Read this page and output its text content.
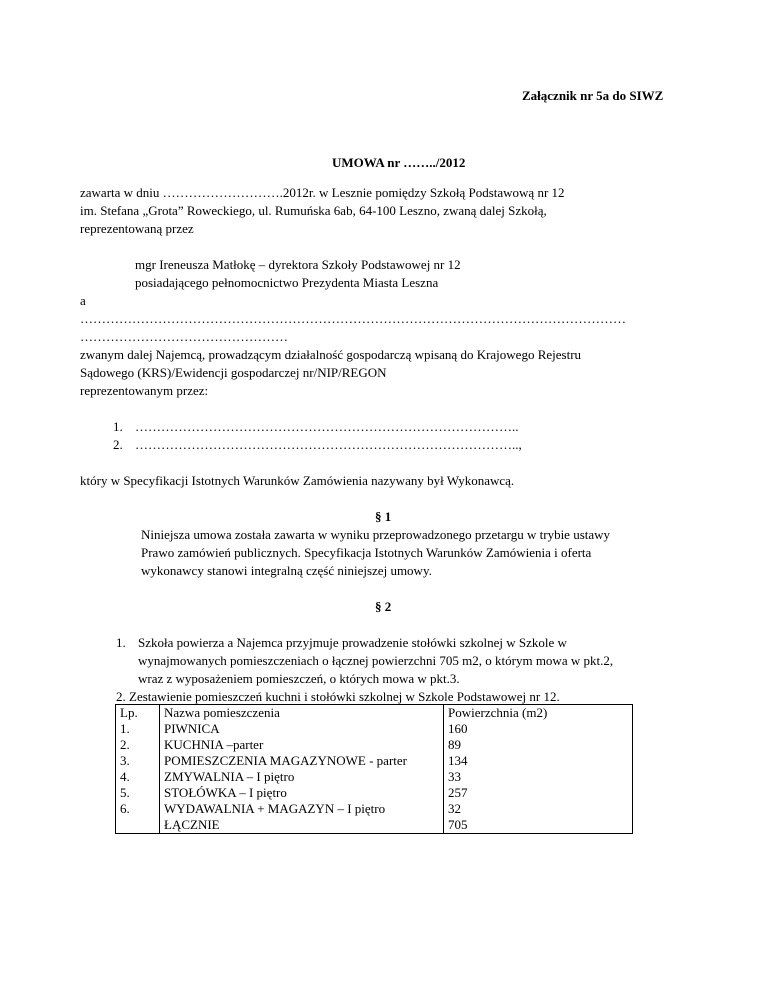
Załącznik nr 5a do SIWZ
UMOWA nr ……../2012
zawarta w dniu ……………………….2012r. w Lesznie pomiędzy Szkołą Podstawową nr 12
im. Stefana „Grota” Roweckiego, ul. Rumuńska 6ab, 64-100 Leszno, zwaną dalej Szkołą,
reprezentowaną przez
mgr Ireneusza Matłokę – dyrektora Szkoły Podstawowej nr 12
posiadającego pełnomocnictwo Prezydenta Miasta Leszna
a
………………………………………………………………………………………………………………
…………………………………………
zwanym dalej Najemcą, prowadzącym działalność gospodarczą wpisaną do Krajowego Rejestru
Sądowego (KRS)/Ewidencji gospodarczej nr/NIP/REGON
reprezentowanym przez:
1. ……………………………………………………………………………..
2. ……………………………………………………………………………..,
który w Specyfikacji Istotnych Warunków Zamówienia nazywany był Wykonawcą.
§ 1
Niniejsza umowa została zawarta w wyniku przeprowadzonego przetargu w trybie ustawy
Prawo zamówień publicznych. Specyfikacja Istotnych Warunków Zamówienia i oferta
wykonawcy stanowi integralną część niniejszej umowy.
§ 2
1. Szkoła powierza a Najemca przyjmuje prowadzenie stołówki szkolnej w Szkole w
wynajmowanych pomieszczeniach o łącznej powierzchni 705 m2, o którym mowa w pkt.2,
wraz z wyposażeniem pomieszczeń, o których mowa w pkt.3.
2. Zestawienie pomieszczeń kuchni i stołówki szkolnej w Szkole Podstawowej nr 12.
Lp.	Nazwa pomieszczenia	Powierzchnia (m2)
1.	PIWNICA	160
2.	KUCHNIA –parter	89
3.	POMIESZCZENIA MAGAZYNOWE - parter	134
4.	ZMYWALNIA – I piętro	33
5.	STOŁÓWKA – I piętro	257
6.	WYDAWALNIA + MAGAZYN – I piętro	32
	ŁĄCZNIE	705
